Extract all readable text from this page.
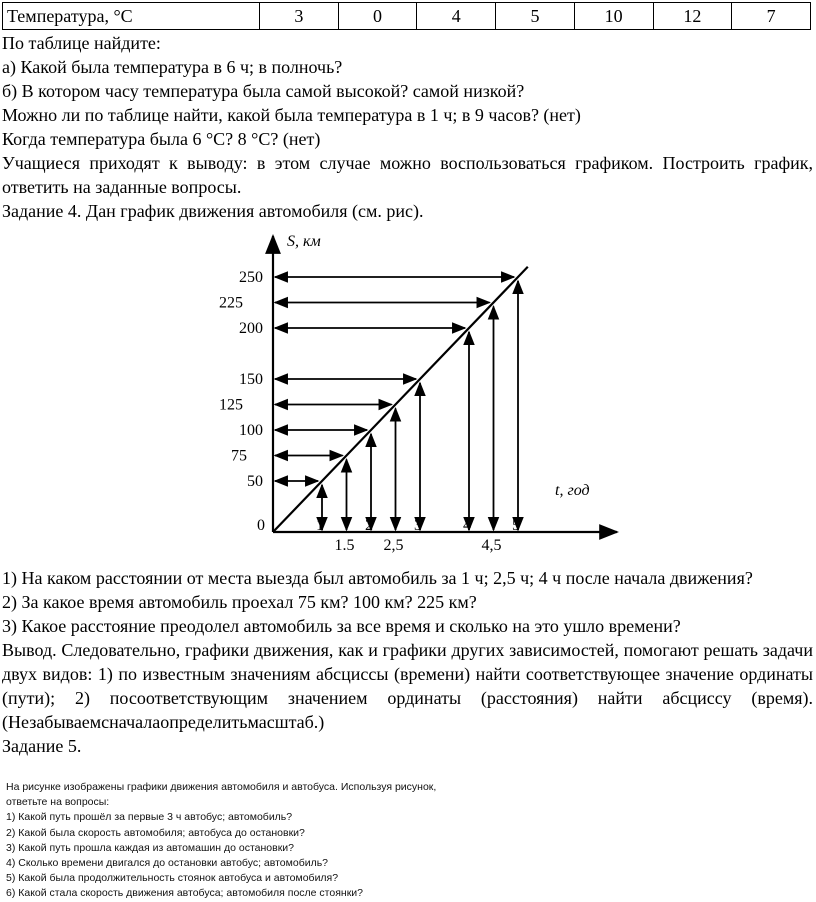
Температура, °С	3	0	4	5	10	12	7

По таблице найдите:

а) Какой была температура в 6 ч; в полночь?

б) В котором часу температура была самой высокой? самой низкой?

Можно ли по таблице найти, какой была температура в 1 ч; в 9 часов? (нет)

Когда температура была 6 °С? 8 °С? (нет)

Учащиеся приходят к выводу: в этом случае можно воспользоваться графиком. Построить график, ответить на заданные вопросы.

Задание 4. Дан график движения автомобиля (см. рис).

S, км
t, год
0
50
75
100
125
150
200
225
250
1	2	3	4	5
1.5 2,5	4,5

1) На каком расстоянии от места выезда был автомобиль за 1 ч; 2,5 ч; 4 ч после начала движения?

2) За какое время автомобиль проехал 75 км? 100 км? 225 км?

3) Какое расстояние преодолел автомобиль за все время и сколько на это ушло времени?

Вывод. Следовательно, графики движения, как и графики других зависимостей, помогают решать задачи двух видов: 1) по известным значениям абсциссы (времени) найти соответствующее значение ординаты (пути); 2) посоответствующим значением ординаты (расстояния) найти абсциссу (время). (Незабываемсначалаопределитьмасштаб.)

Задание 5.

На рисунке изображены графики движения автомобиля и автобуса. Используя рисунок,

ответьте на вопросы:

1) Какой путь прошёл за первые 3 ч автобус; автомобиль?

2) Какой была скорость автомобиля; автобуса до остановки?

3) Какой путь прошла каждая из автомашин до остановки?

4) Сколько времени двигался до остановки автобус; автомобиль?

5) Какой была продолжительность стоянок автобуса и автомобиля?

6) Какой стала скорость движения автобуса; автомобиля после стоянки?
